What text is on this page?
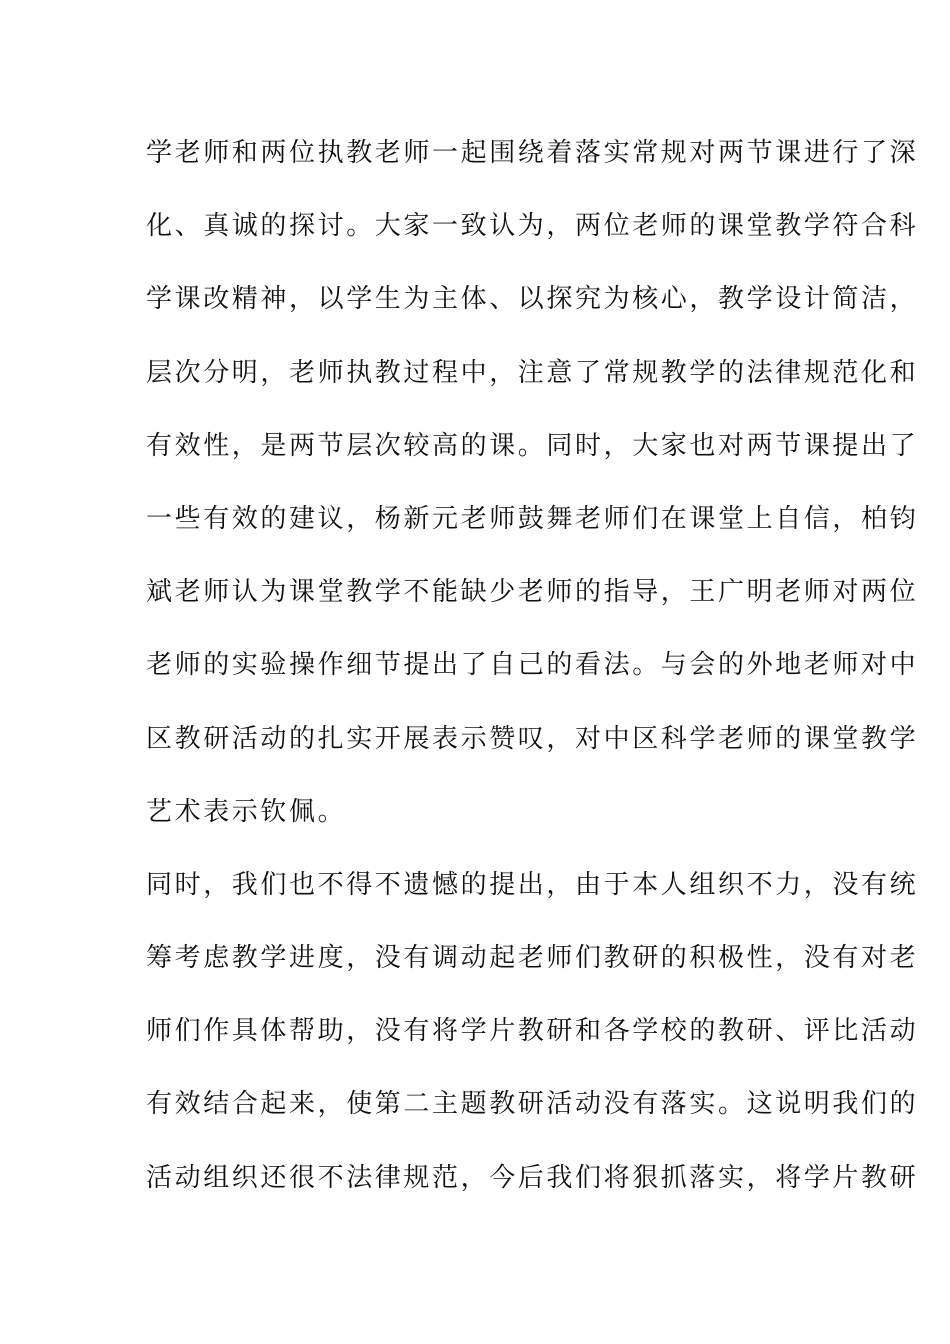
学老师和两位执教老师一起围绕着落实常规对两节课进行了深
化、真诚的探讨。大家一致认为，两位老师的课堂教学符合科
学课改精神，以学生为主体、以探究为核心，教学设计简洁，
层次分明，老师执教过程中，注意了常规教学的法律规范化和
有效性，是两节层次较高的课。同时，大家也对两节课提出了
一些有效的建议，杨新元老师鼓舞老师们在课堂上自信，柏钧
斌老师认为课堂教学不能缺少老师的指导，王广明老师对两位
老师的实验操作细节提出了自己的看法。与会的外地老师对中
区教研活动的扎实开展表示赞叹，对中区科学老师的课堂教学
艺术表示钦佩。
同时，我们也不得不遗憾的提出，由于本人组织不力，没有统
筹考虑教学进度，没有调动起老师们教研的积极性，没有对老
师们作具体帮助，没有将学片教研和各学校的教研、评比活动
有效结合起来，使第二主题教研活动没有落实。这说明我们的
活动组织还很不法律规范，今后我们将狠抓落实，将学片教研
